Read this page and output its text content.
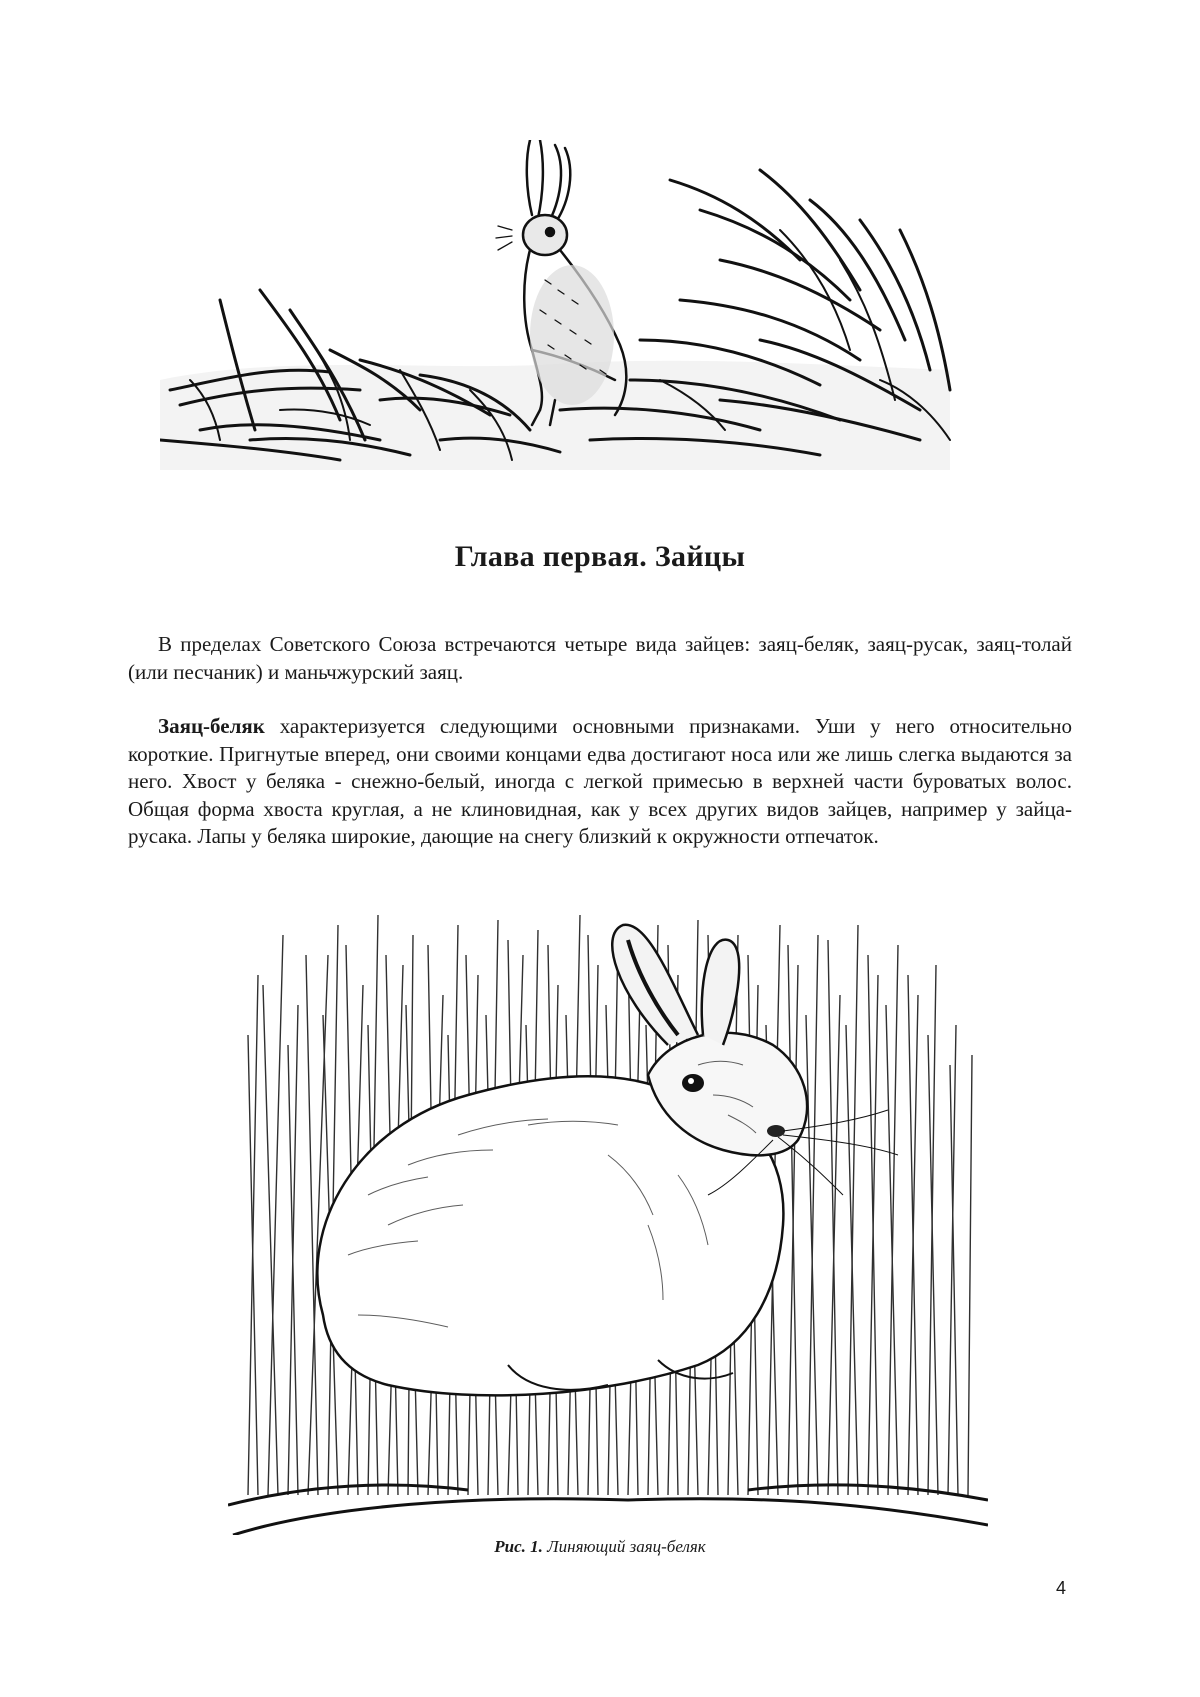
Глава первая. Зайцы

В пределах Советского Союза встречаются четыре вида зайцев: заяц-беляк, заяц-русак, заяц-толай (или песчаник) и маньчжурский заяц.

Заяц-беляк характеризуется следующими основными признаками. Уши у него относительно короткие. Пригнутые вперед, они своими концами едва достигают носа или же лишь слегка выдаются за него. Хвост у беляка - снежно-белый, иногда с легкой примесью в верхней части буроватых волос. Общая форма хвоста круглая, а не клиновидная, как у всех других видов зайцев, например у зайца-русака. Лапы у беляка широкие, дающие на снегу близкий к окружности отпечаток.

Рис. 1. Линяющий заяц-беляк
4
